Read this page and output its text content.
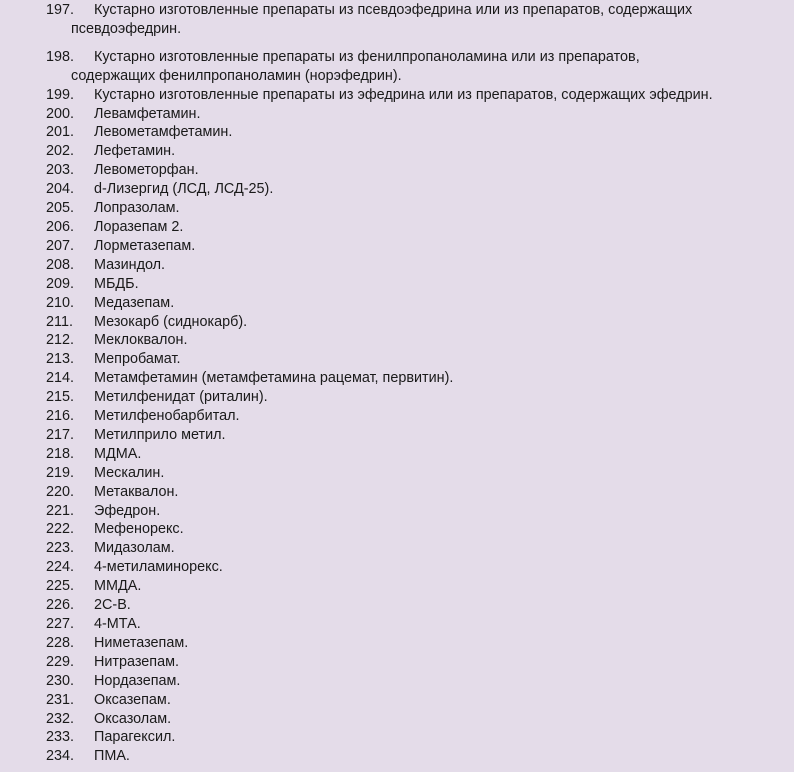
197. Кустарно изготовленные препараты из псевдоэфедрина или из препаратов, содержащих
псевдоэфедрин.
198. Кустарно изготовленные препараты из фенилпропаноламина или из препаратов,
содержащих фенилпропаноламин (норэфедрин).
199. Кустарно изготовленные препараты из эфедрина или из препаратов, содержащих эфедрин.
200. Левамфетамин.
201. Левометамфетамин.
202. Лефетамин.
203. Левометорфан.
204. d-Лизергид (ЛСД, ЛСД-25).
205. Лопразолам.
206. Лоразепам 2.
207. Лорметазепам.
208. Мазиндол.
209. МБДБ.
210. Медазепам.
211. Мезокарб (сиднокарб).
212. Меклоквалон.
213. Мепробамат.
214. Метамфетамин (метамфетамина рацемат, первитин).
215. Метилфенидат (риталин).
216. Метилфенобарбитал.
217. Метилприло метил.
218. МДМА.
219. Мескалин.
220. Метаквалон.
221. Эфедрон.
222. Мефенорекс.
223. Мидазолам.
224. 4-метиламинорекс.
225. ММДА.
226. 2С-В.
227. 4-МТА.
228. Ниметазепам.
229. Нитразепам.
230. Нордазепам.
231. Оксазепам.
232. Оксазолам.
233. Парагексил.
234. ПМА.
